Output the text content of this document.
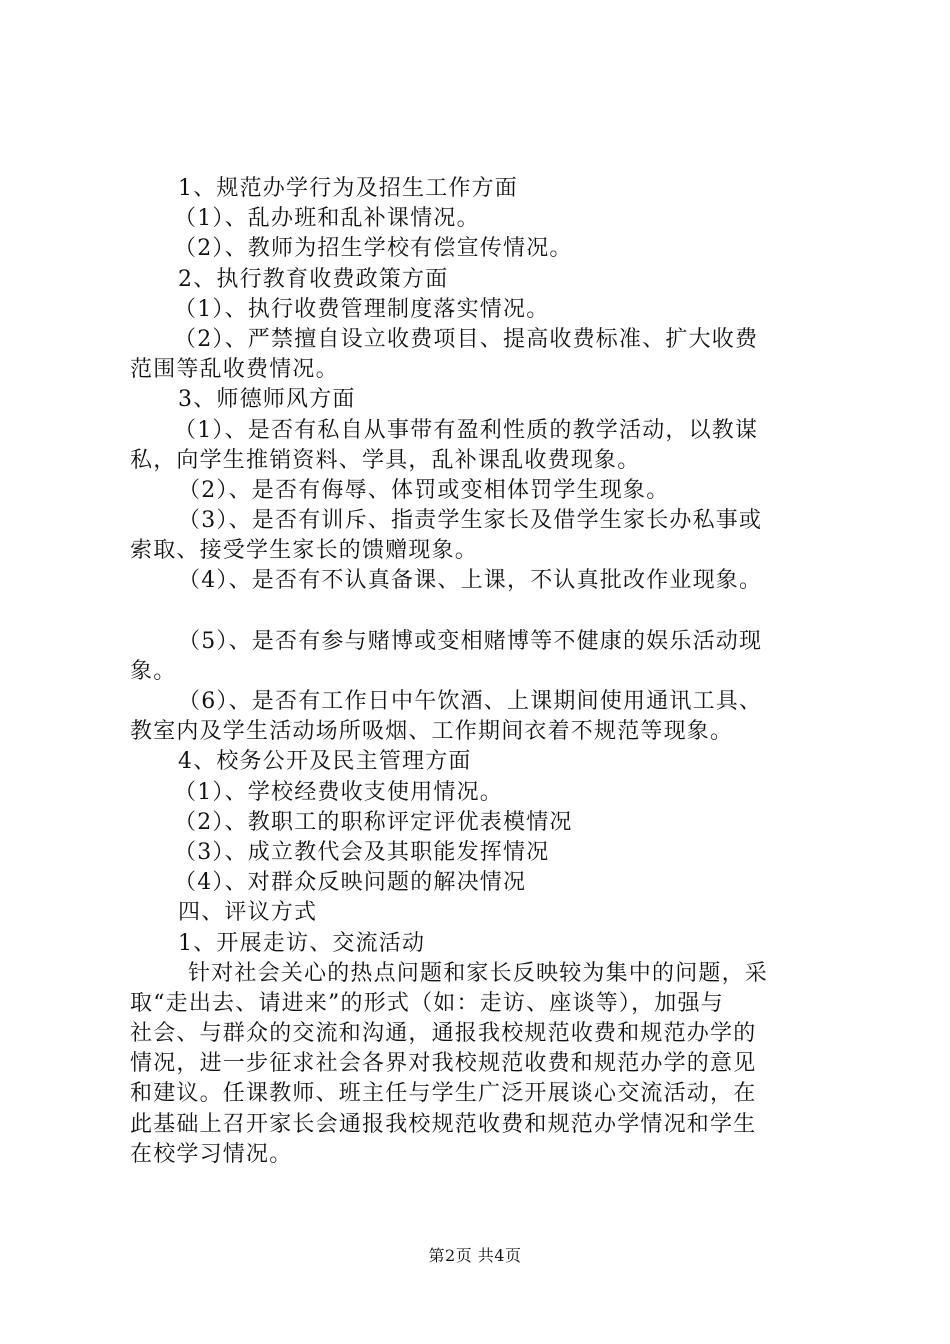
1、规范办学行为及招生工作方面
（1）、乱办班和乱补课情况。
（2）、教师为招生学校有偿宣传情况。
2、执行教育收费政策方面
（1）、执行收费管理制度落实情况。
（2）、严禁擅自设立收费项目、提高收费标准、扩大收费
范围等乱收费情况。
3、师德师风方面
（1）、是否有私自从事带有盈利性质的教学活动，以教谋
私，向学生推销资料、学具，乱补课乱收费现象。
（2）、是否有侮辱、体罚或变相体罚学生现象。
（3）、是否有训斥、指责学生家长及借学生家长办私事或
索取、接受学生家长的馈赠现象。
（4）、是否有不认真备课、上课，不认真批改作业现象。
（5）、是否有参与赌博或变相赌博等不健康的娱乐活动现
象。
（6）、是否有工作日中午饮酒、上课期间使用通讯工具、
教室内及学生活动场所吸烟、工作期间衣着不规范等现象。
4、校务公开及民主管理方面
（1）、学校经费收支使用情况。
（2）、教职工的职称评定评优表模情况
（3）、成立教代会及其职能发挥情况
（4）、对群众反映问题的解决情况
四、评议方式
1、开展走访、交流活动
针对社会关心的热点问题和家长反映较为集中的问题，采
取“走出去、请进来”的形式（如：走访、座谈等），加强与
社会、与群众的交流和沟通，通报我校规范收费和规范办学的
情况，进一步征求社会各界对我校规范收费和规范办学的意见
和建议。任课教师、班主任与学生广泛开展谈心交流活动，在
此基础上召开家长会通报我校规范收费和规范办学情况和学生
在校学习情况。
第2页 共4页
